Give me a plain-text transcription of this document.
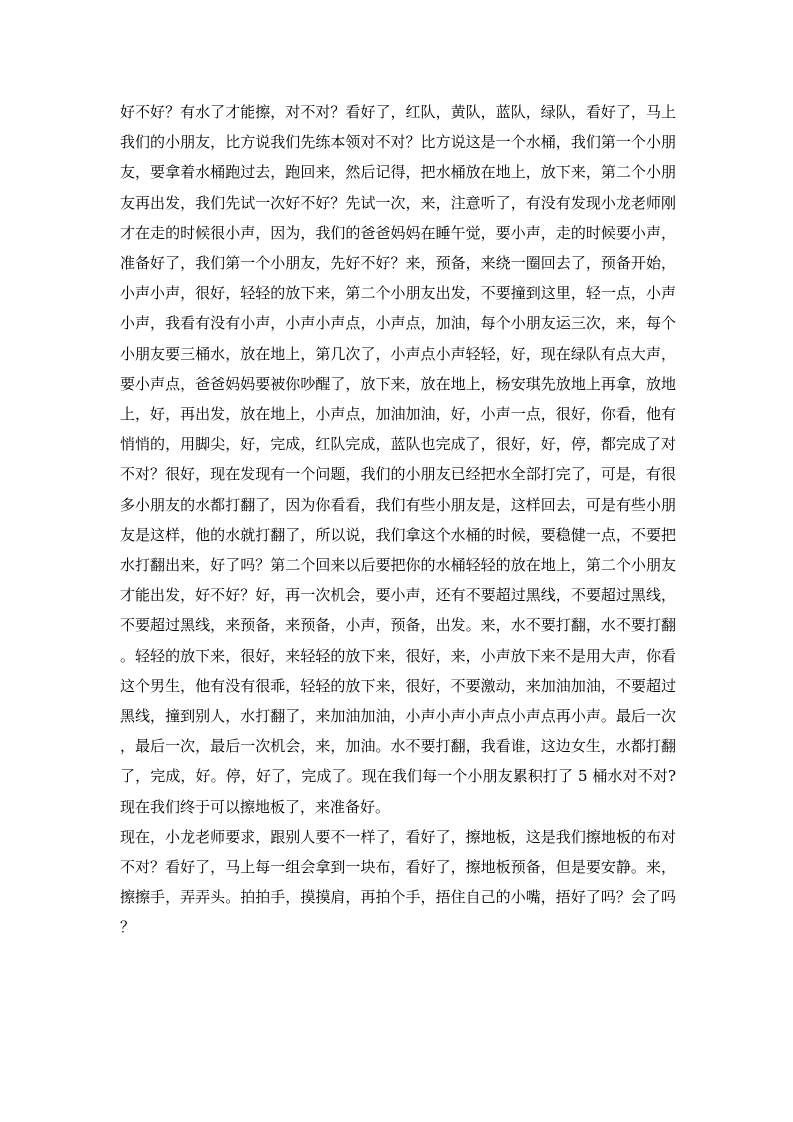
好不好？有水了才能擦，对不对？看好了，红队，黄队，蓝队，绿队，看好了，马上我们的小朋友，比方说我们先练本领对不对？比方说这是一个水桶，我们第一个小朋友，要拿着水桶跑过去，跑回来，然后记得，把水桶放在地上，放下来，第二个小朋友再出发，我们先试一次好不好？先试一次，来，注意听了，有没有发现小龙老师刚才在走的时候很小声，因为，我们的爸爸妈妈在睡午觉，要小声，走的时候要小声，准备好了，我们第一个小朋友，先好不好？来，预备，来绕一圈回去了，预备开始，小声小声，很好，轻轻的放下来，第二个小朋友出发，不要撞到这里，轻一点，小声小声，我看有没有小声，小声小声点，小声点，加油，每个小朋友运三次，来，每个小朋友要三桶水，放在地上，第几次了，小声点小声轻轻，好，现在绿队有点大声，要小声点，爸爸妈妈要被你吵醒了，放下来，放在地上，杨安琪先放地上再拿，放地上，好，再出发，放在地上，小声点，加油加油，好，小声一点，很好，你看，他有悄悄的，用脚尖，好，完成，红队完成，蓝队也完成了，很好，好，停，都完成了对不对？很好，现在发现有一个问题，我们的小朋友已经把水全部打完了，可是，有很多小朋友的水都打翻了，因为你看看，我们有些小朋友是，这样回去，可是有些小朋友是这样，他的水就打翻了，所以说，我们拿这个水桶的时候，要稳健一点，不要把水打翻出来，好了吗？第二个回来以后要把你的水桶轻轻的放在地上，第二个小朋友才能出发，好不好？好，再一次机会，要小声，还有不要超过黑线，不要超过黑线，不要超过黑线，来预备，来预备，小声，预备，出发。来，水不要打翻，水不要打翻。轻轻的放下来，很好，来轻轻的放下来，很好，来，小声放下来不是用大声，你看这个男生，他有没有很乖，轻轻的放下来，很好，不要激动，来加油加油，不要超过黑线，撞到别人，水打翻了，来加油加油，小声小声小声点小声点再小声。最后一次，最后一次，最后一次机会，来，加油。水不要打翻，我看谁，这边女生，水都打翻了，完成，好。停，好了，完成了。现在我们每一个小朋友累积打了 5 桶水对不对?现在我们终于可以擦地板了，来准备好。

现在，小龙老师要求，跟别人要不一样了，看好了，擦地板，这是我们擦地板的布对不对？看好了，马上每一组会拿到一块布，看好了，擦地板预备，但是要安静。来，擦擦手，弄弄头。拍拍手，摸摸肩，再拍个手，捂住自己的小嘴，捂好了吗？会了吗？
